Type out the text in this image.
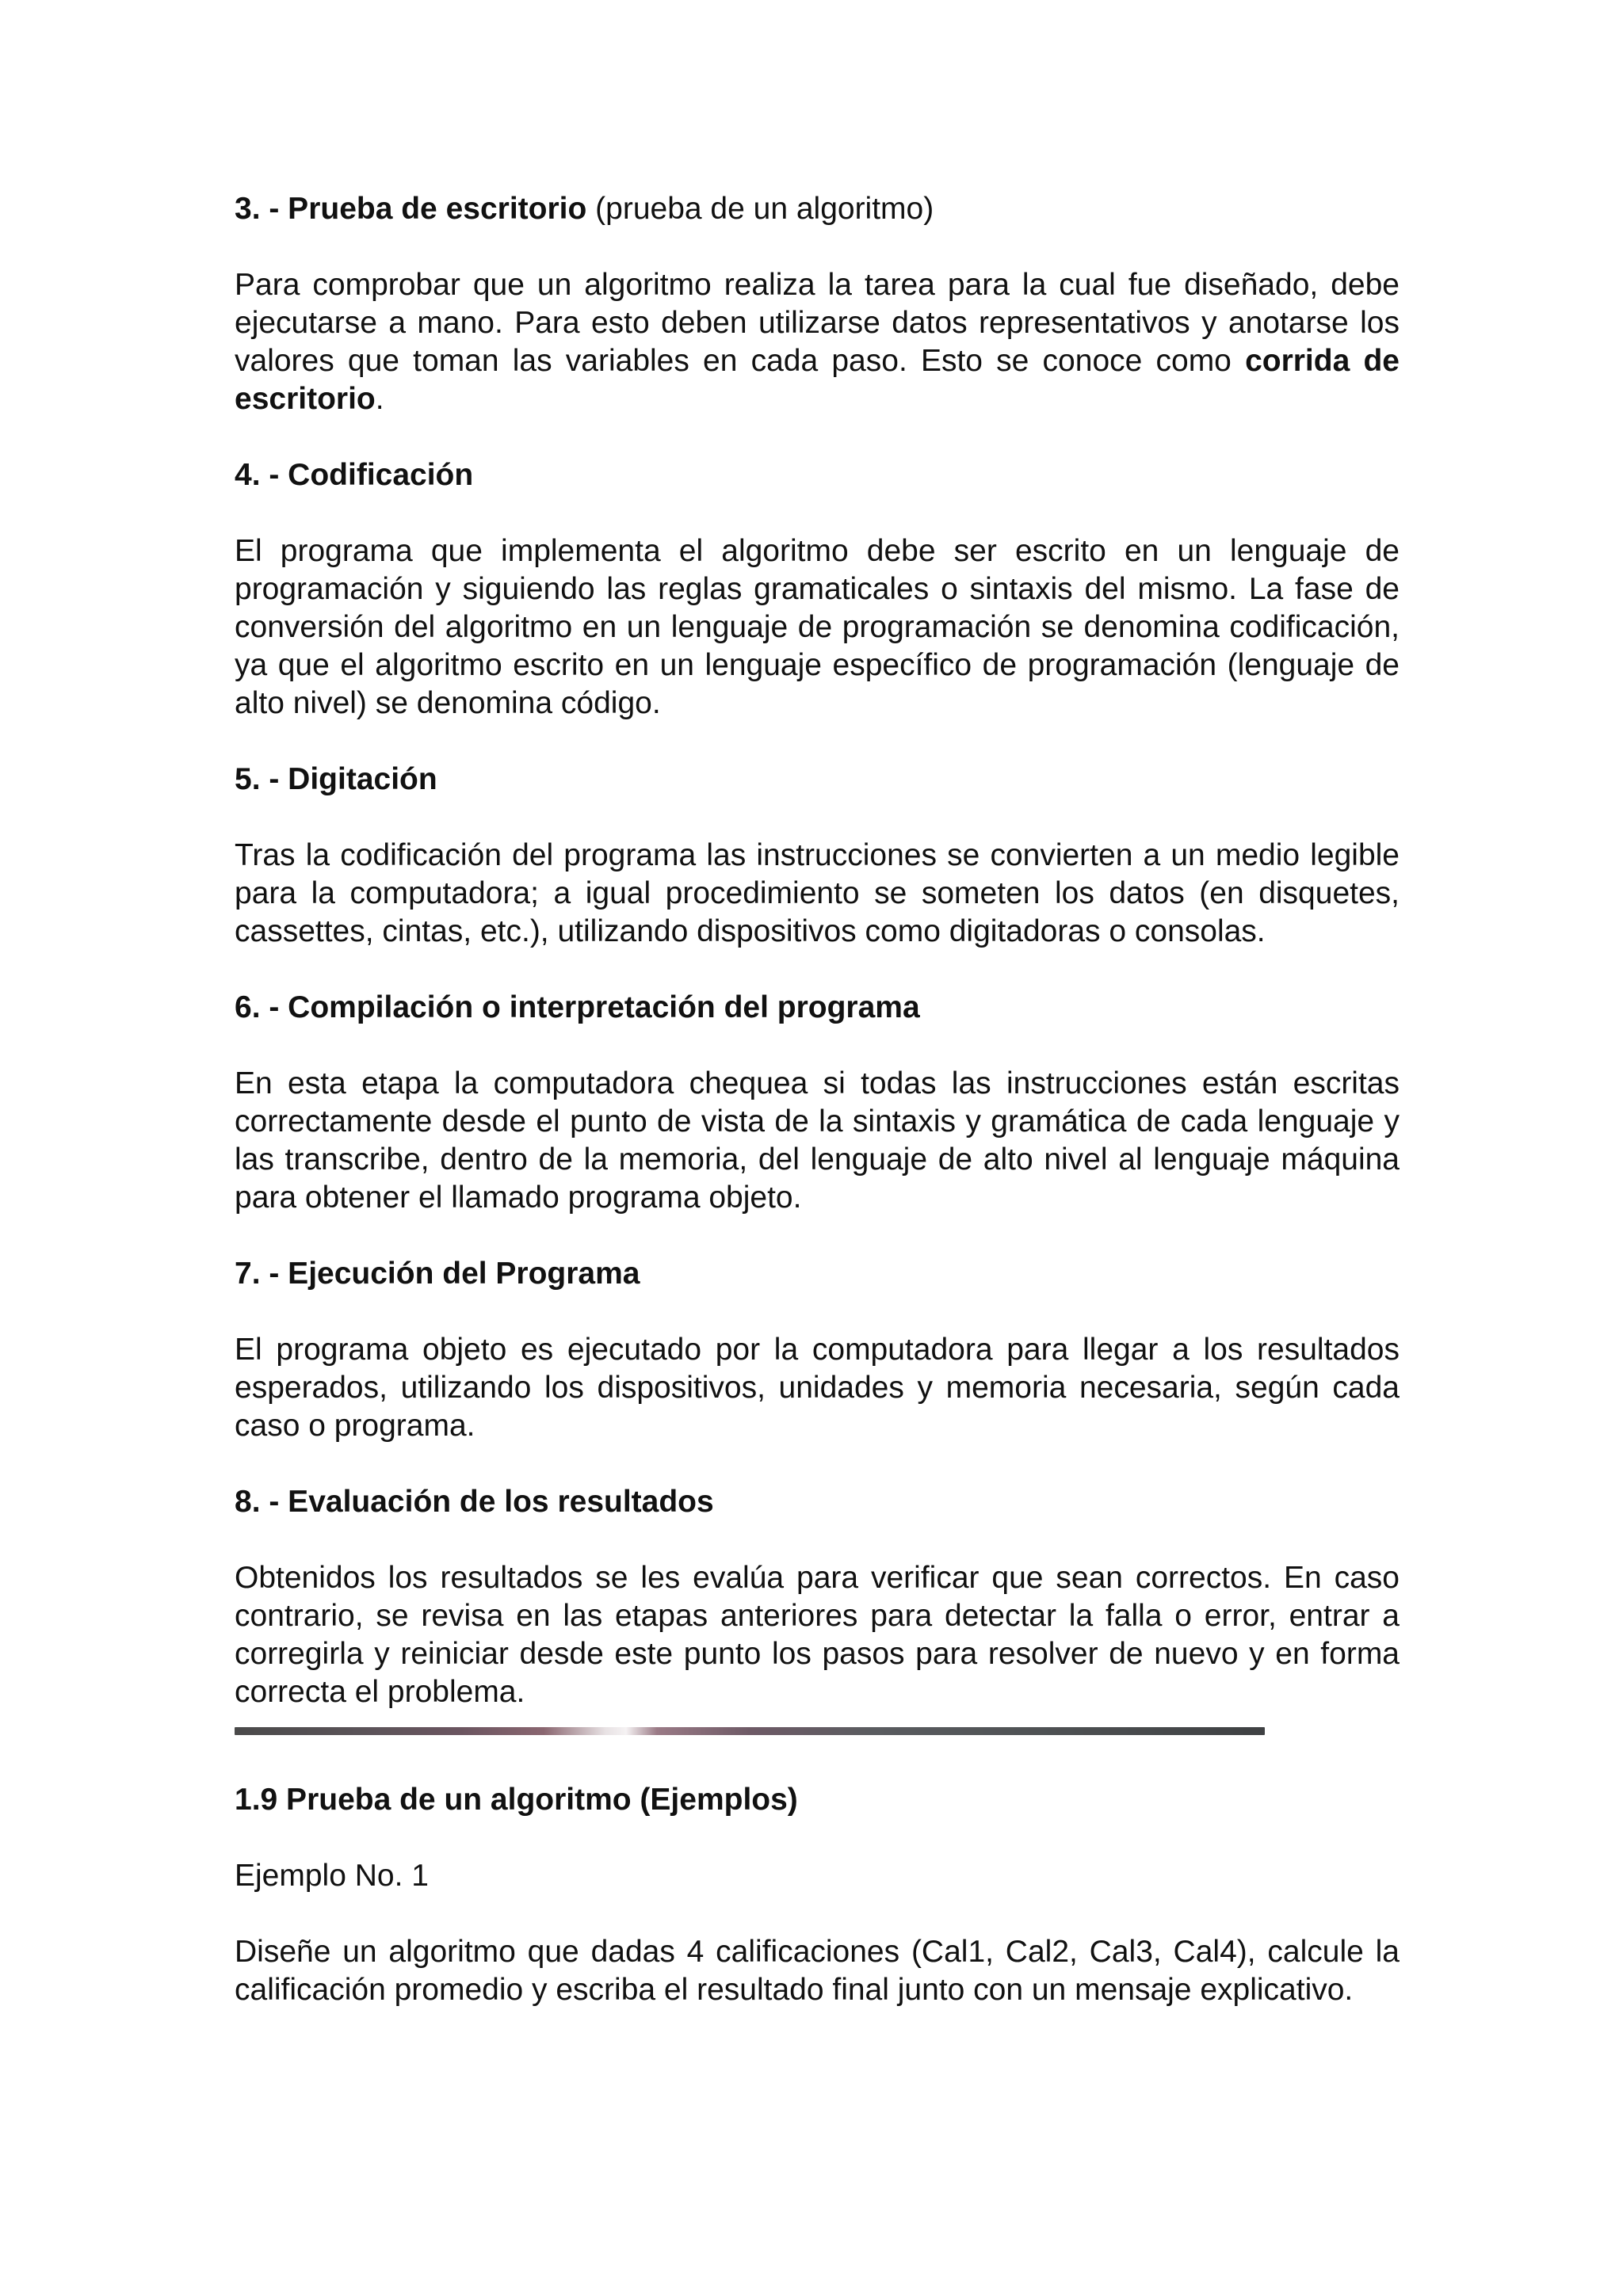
3. - Prueba de escritorio (prueba de un algoritmo)

Para comprobar que un algoritmo realiza la tarea para la cual fue diseñado, debe ejecutarse a mano. Para esto deben utilizarse datos representativos y anotarse los valores que toman las variables en cada paso. Esto se conoce como corrida de escritorio.

4. - Codificación

El programa que implementa el algoritmo debe ser escrito en un lenguaje de programación y siguiendo las reglas gramaticales o sintaxis del mismo. La fase de conversión del algoritmo en un lenguaje de programación se denomina codificación, ya que el algoritmo escrito en un lenguaje específico de programación (lenguaje de alto nivel) se denomina código.

5. - Digitación

Tras la codificación del programa las instrucciones se convierten a un medio legible para la computadora; a igual procedimiento se someten los datos (en disquetes, cassettes, cintas, etc.), utilizando dispositivos como digitadoras o consolas.

6. - Compilación o interpretación del programa

En esta etapa la computadora chequea si todas las instrucciones están escritas correctamente desde el punto de vista de la sintaxis y gramática de cada lenguaje y las transcribe, dentro de la memoria, del lenguaje de alto nivel al lenguaje máquina para obtener el llamado programa objeto.

7. - Ejecución del Programa

El programa objeto es ejecutado por la computadora para llegar a los resultados esperados, utilizando los dispositivos, unidades y memoria necesaria, según cada caso o programa.

8. - Evaluación de los resultados

Obtenidos los resultados se les evalúa para verificar que sean correctos. En caso contrario, se revisa en las etapas anteriores para detectar la falla o error, entrar a corregirla y reiniciar desde este punto los pasos para resolver de nuevo y en forma correcta el problema.

1.9 Prueba de un algoritmo (Ejemplos)

Ejemplo No. 1

Diseñe un algoritmo que dadas 4 calificaciones (Cal1, Cal2, Cal3, Cal4), calcule la calificación promedio y escriba el resultado final junto con un mensaje explicativo.
